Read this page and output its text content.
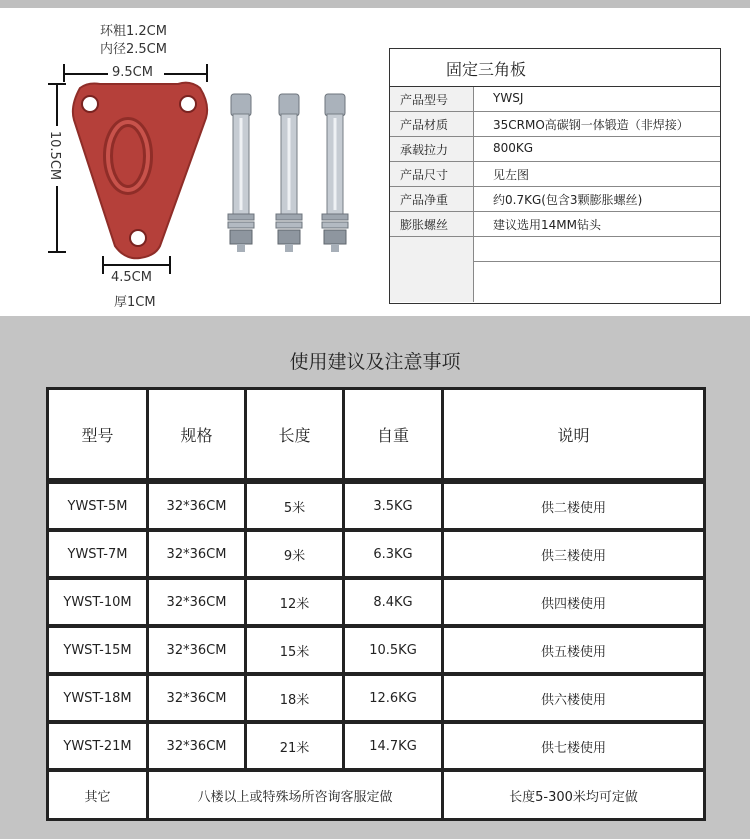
环粗1.2CM
内径2.5CM
9.5CM
10.5CM
4.5CM
厚1CM
固定三角板
产品型号	YWSJ
产品材质	35CRMO高碳钢一体锻造（非焊接）
承载拉力	800KG
产品尺寸	见左图
产品净重	约0.7KG(包含3颗膨胀螺丝)
膨胀螺丝	建议选用14MM钻头
使用建议及注意事项
型号	规格	长度	自重	说明
YWST-5M	32*36CM	5米	3.5KG	供二楼使用
YWST-7M	32*36CM	9米	6.3KG	供三楼使用
YWST-10M	32*36CM	12米	8.4KG	供四楼使用
YWST-15M	32*36CM	15米	10.5KG	供五楼使用
YWST-18M	32*36CM	18米	12.6KG	供六楼使用
YWST-21M	32*36CM	21米	14.7KG	供七楼使用
其它	八楼以上或特殊场所咨询客服定做	长度5-300米均可定做
